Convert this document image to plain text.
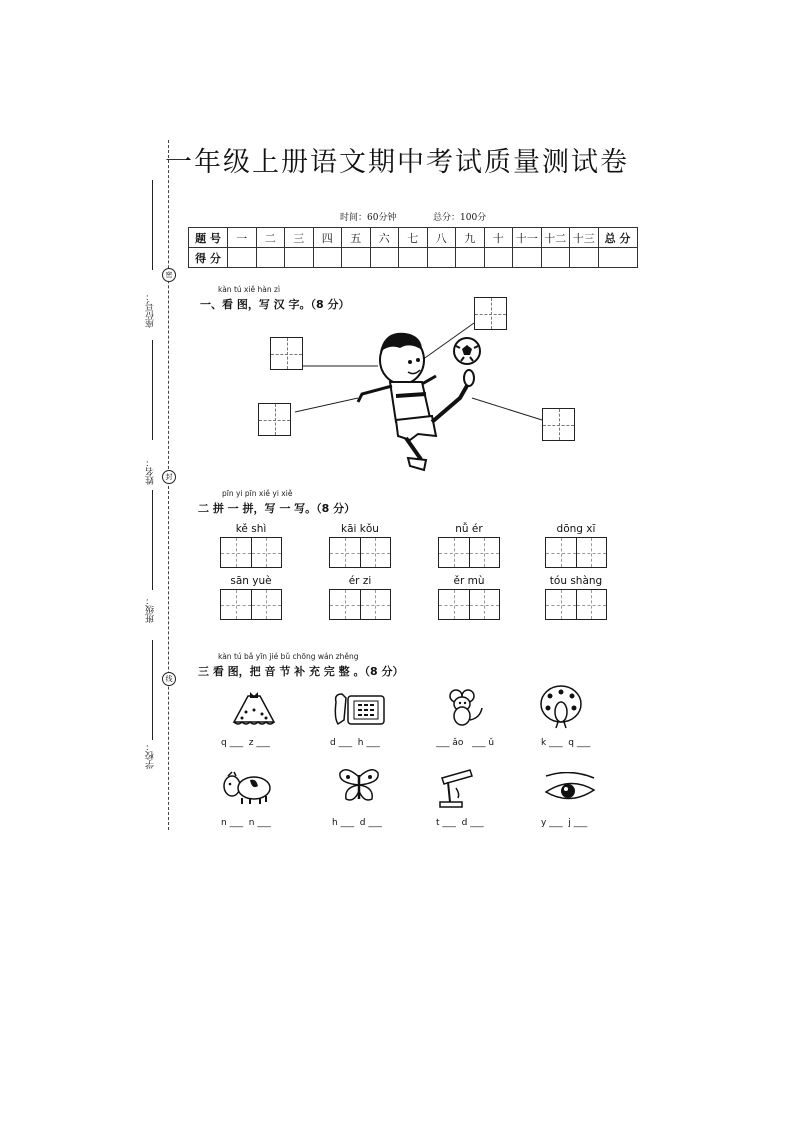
一年级上册语文期中考试质量测试卷
时间：60分钟	总分：100分
题 号	一	二	三	四	五	六	七	八	九	十	十一	十二	十三	总 分
得 分														
座位号：
姓名：
班级：
学校：
密
封
线
kàn tú xiě hàn zì
一、看 图，写 汉 字。（8 分）
pīn yi pīn xiě yi xiě
二 拼 一 拼，写 一 写。（8 分）
kě shì	kāi kǒu	nǚ ér	dōng xī
sān yuè	ér zi	ěr mù	tóu shàng
kàn tú bǎ yīn jié bǔ chōng wán zhěng
三 看 图，把 音 节 补 充 完 整 。（8 分）
q ___  z ___	d ___  h ___	___ ǎo   ___ ǔ	k ___  q ___
n ___  n ___	h ___  d ___	t ___  d ___	y ___  j ___
